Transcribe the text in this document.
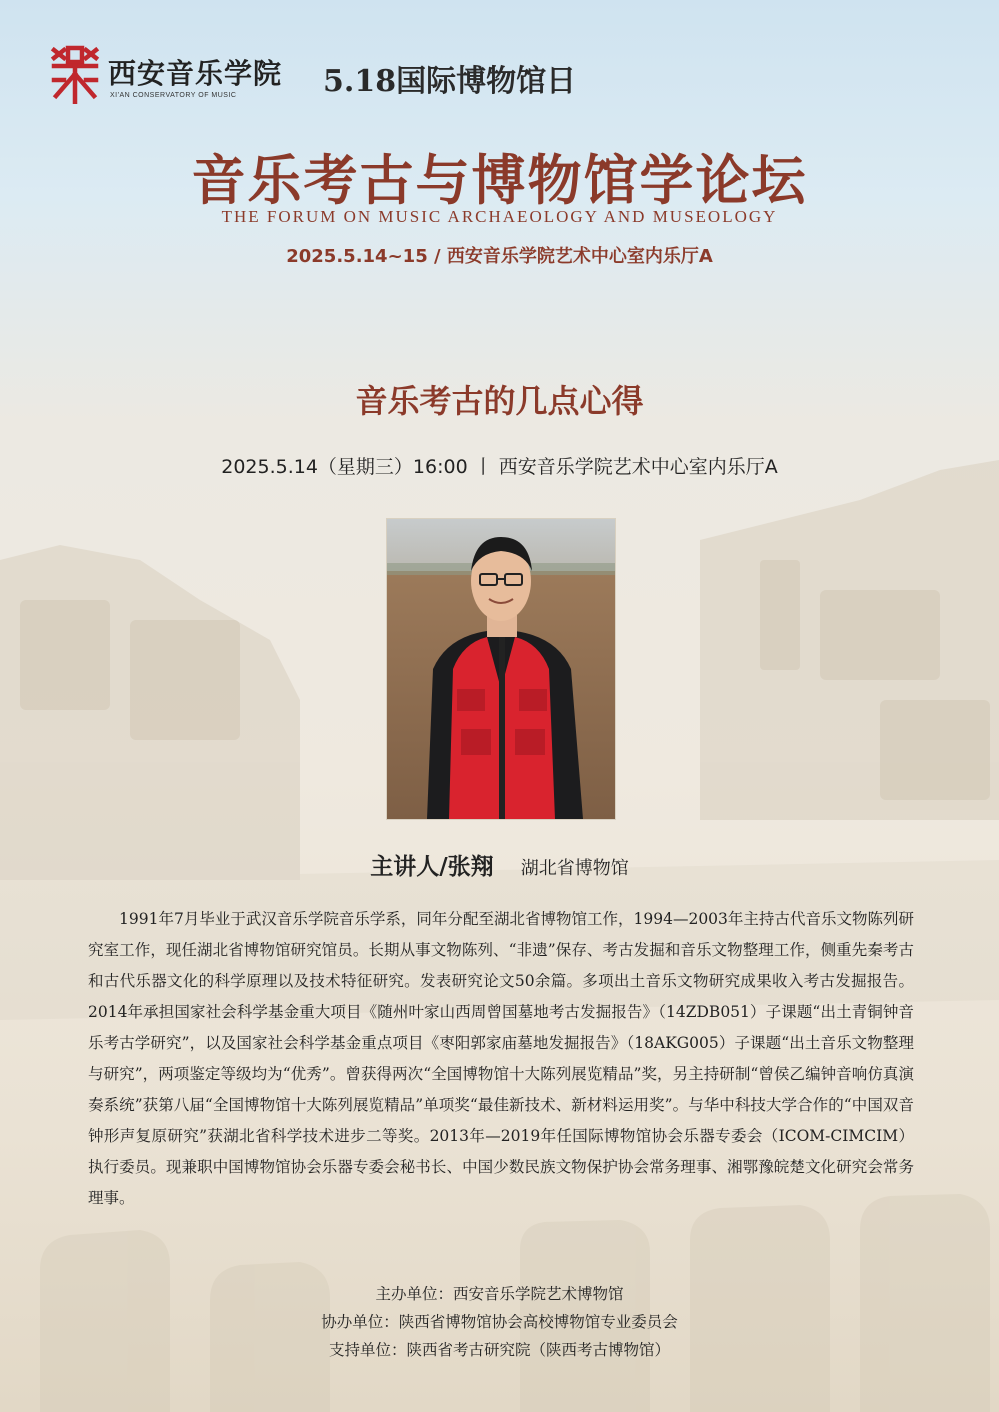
西安音乐学院
XI'AN CONSERVATORY OF MUSIC	5.18国际博物馆日
音乐考古与博物馆学论坛
THE FORUM ON MUSIC ARCHAEOLOGY AND MUSEOLOGY
2025.5.14~15 / 西安音乐学院艺术中心室内乐厅A
音乐考古的几点心得
2025.5.14（星期三）16:00 丨 西安音乐学院艺术中心室内乐厅A
主讲人/张翔 湖北省博物馆

1991年7月毕业于武汉音乐学院音乐学系，同年分配至湖北省博物馆工作，1994—2003年主持古代音乐文物陈列研究室工作，现任湖北省博物馆研究馆员。长期从事文物陈列、“非遗”保存、考古发掘和音乐文物整理工作，侧重先秦考古和古代乐器文化的科学原理以及技术特征研究。发表研究论文50余篇。多项出土音乐文物研究成果收入考古发掘报告。2014年承担国家社会科学基金重大项目《随州叶家山西周曾国墓地考古发掘报告》（14ZDB051）子课题“出土青铜钟音乐考古学研究”，以及国家社会科学基金重点项目《枣阳郭家庙墓地发掘报告》（18AKG005）子课题“出土音乐文物整理与研究”，两项鉴定等级均为“优秀”。曾获得两次“全国博物馆十大陈列展览精品”奖，另主持研制“曾侯乙编钟音响仿真演奏系统”获第八届“全国博物馆十大陈列展览精品”单项奖“最佳新技术、新材料运用奖”。与华中科技大学合作的“中国双音钟形声复原研究”获湖北省科学技术进步二等奖。2013年—2019年任国际博物馆协会乐器专委会（ICOM-CIMCIM）执行委员。现兼职中国博物馆协会乐器专委会秘书长、中国少数民族文物保护协会常务理事、湘鄂豫皖楚文化研究会常务理事。

主办单位：西安音乐学院艺术博物馆
协办单位：陕西省博物馆协会高校博物馆专业委员会
支持单位：陕西省考古研究院（陕西考古博物馆）
